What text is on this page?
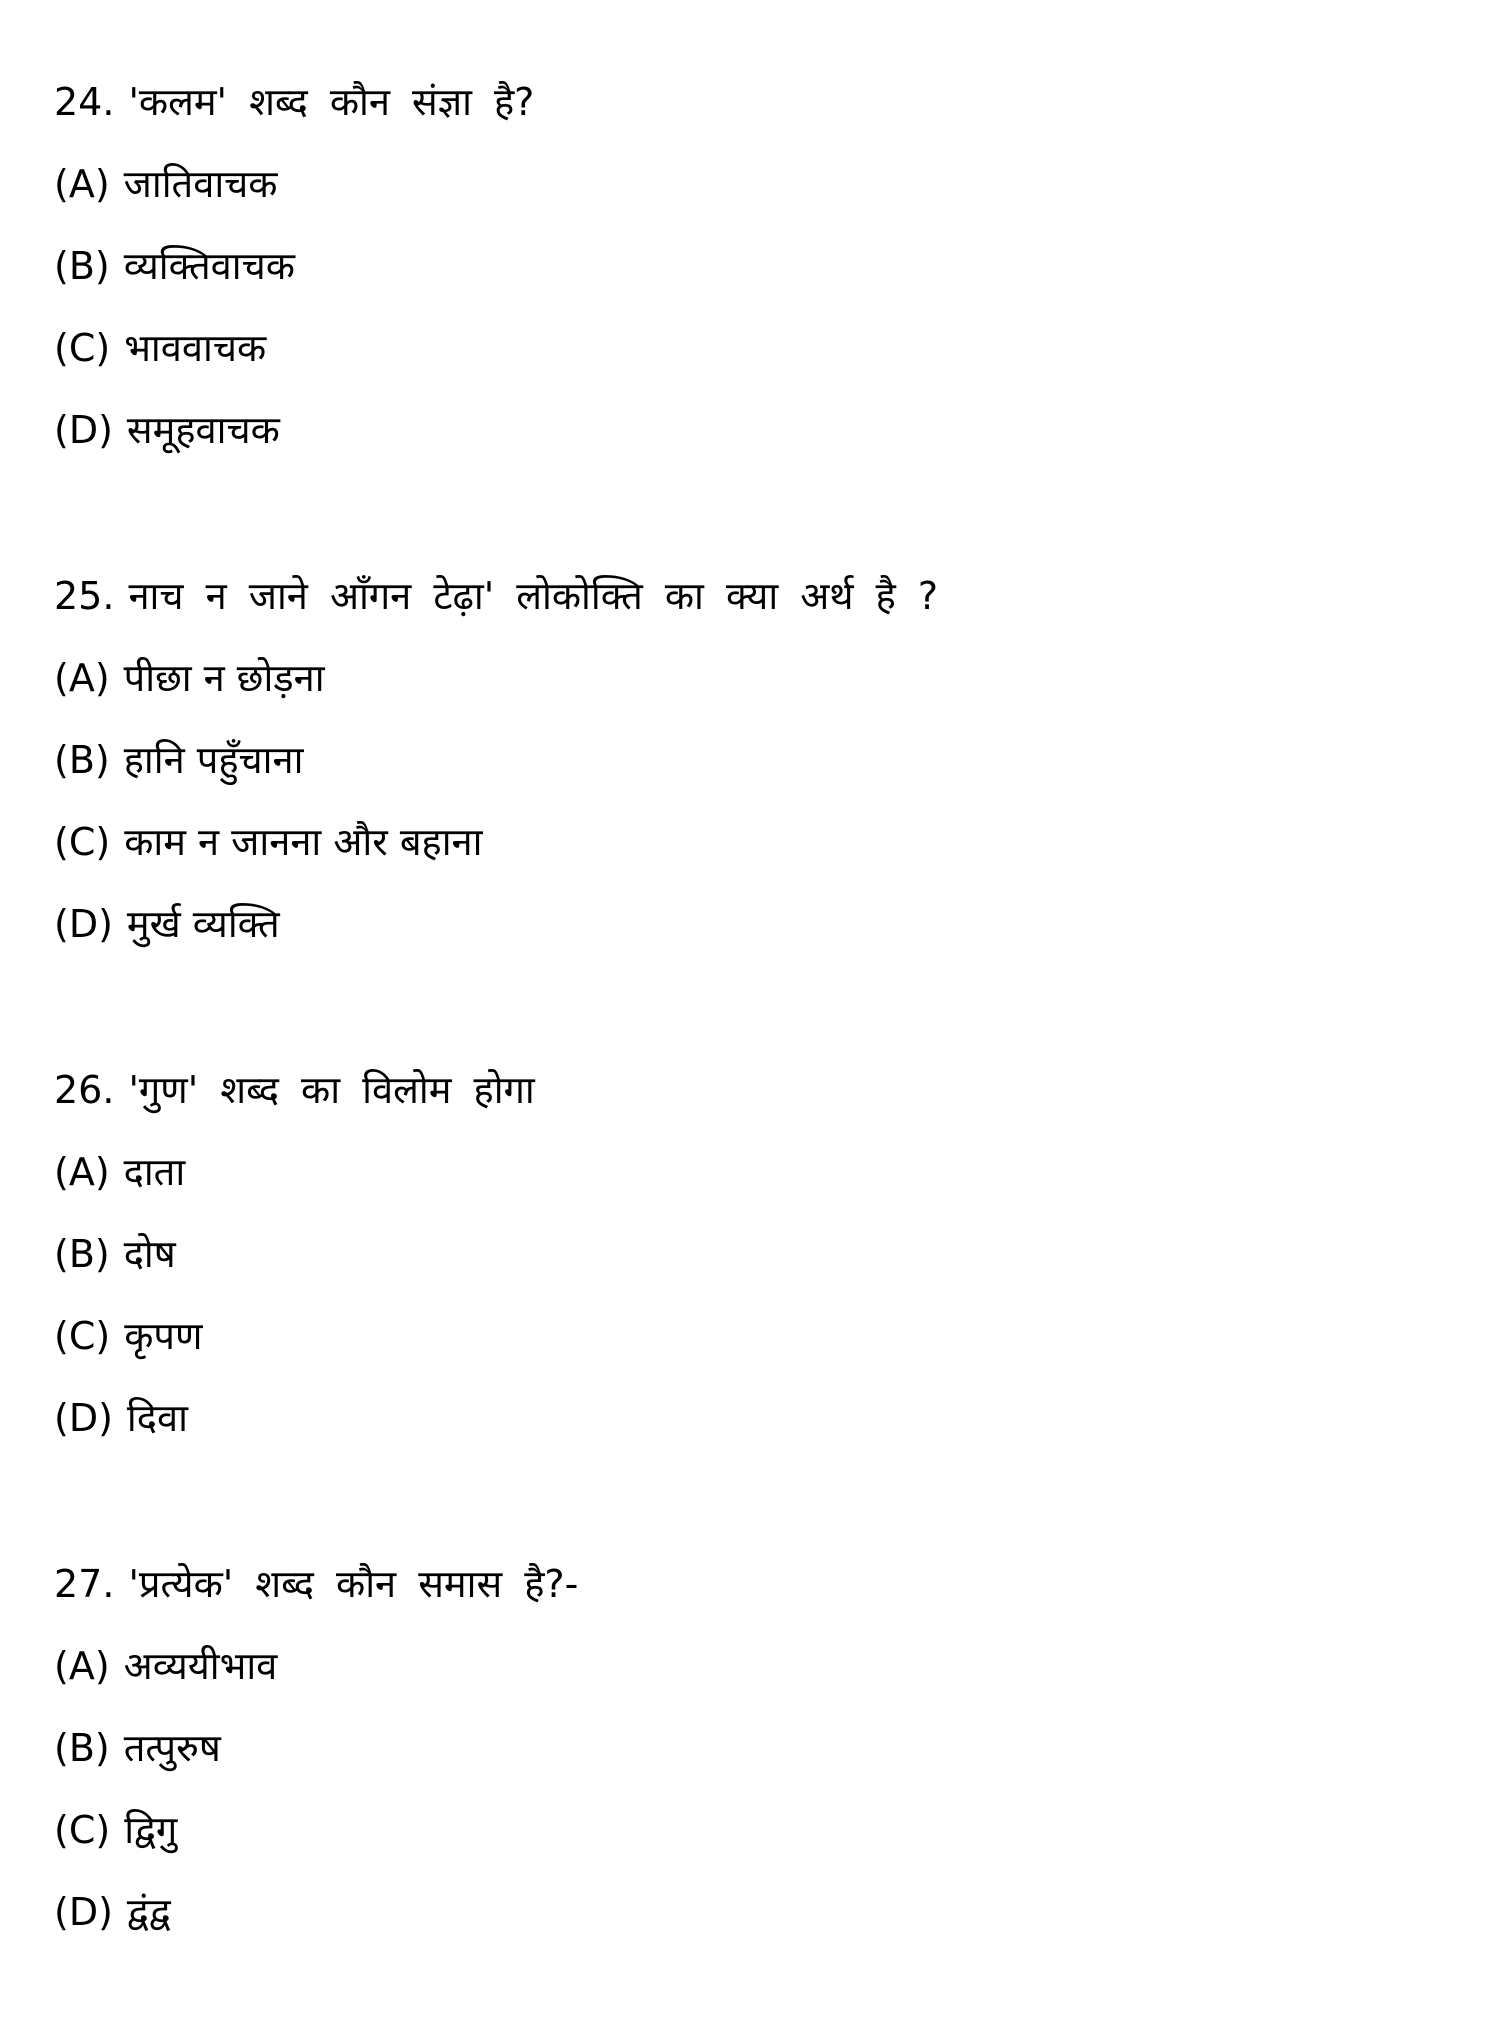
24. 'कलम' शब्द कौन संज्ञा है?
(A) जातिवाचक
(B) व्यक्तिवाचक
(C) भाववाचक
(D) समूहवाचक
25. नाच न जाने आँगन टेढ़ा' लोकोक्ति का क्या अर्थ है ?
(A) पीछा न छोड़ना
(B) हानि पहुँचाना
(C) काम न जानना और बहाना
(D) मुर्ख व्यक्ति
26. 'गुण' शब्द का विलोम होगा
(A) दाता
(B) दोष
(C) कृपण
(D) दिवा
27. 'प्रत्येक' शब्द कौन समास है?-
(A) अव्ययीभाव
(B) तत्पुरुष
(C) द्विगु
(D) द्वंद्व
